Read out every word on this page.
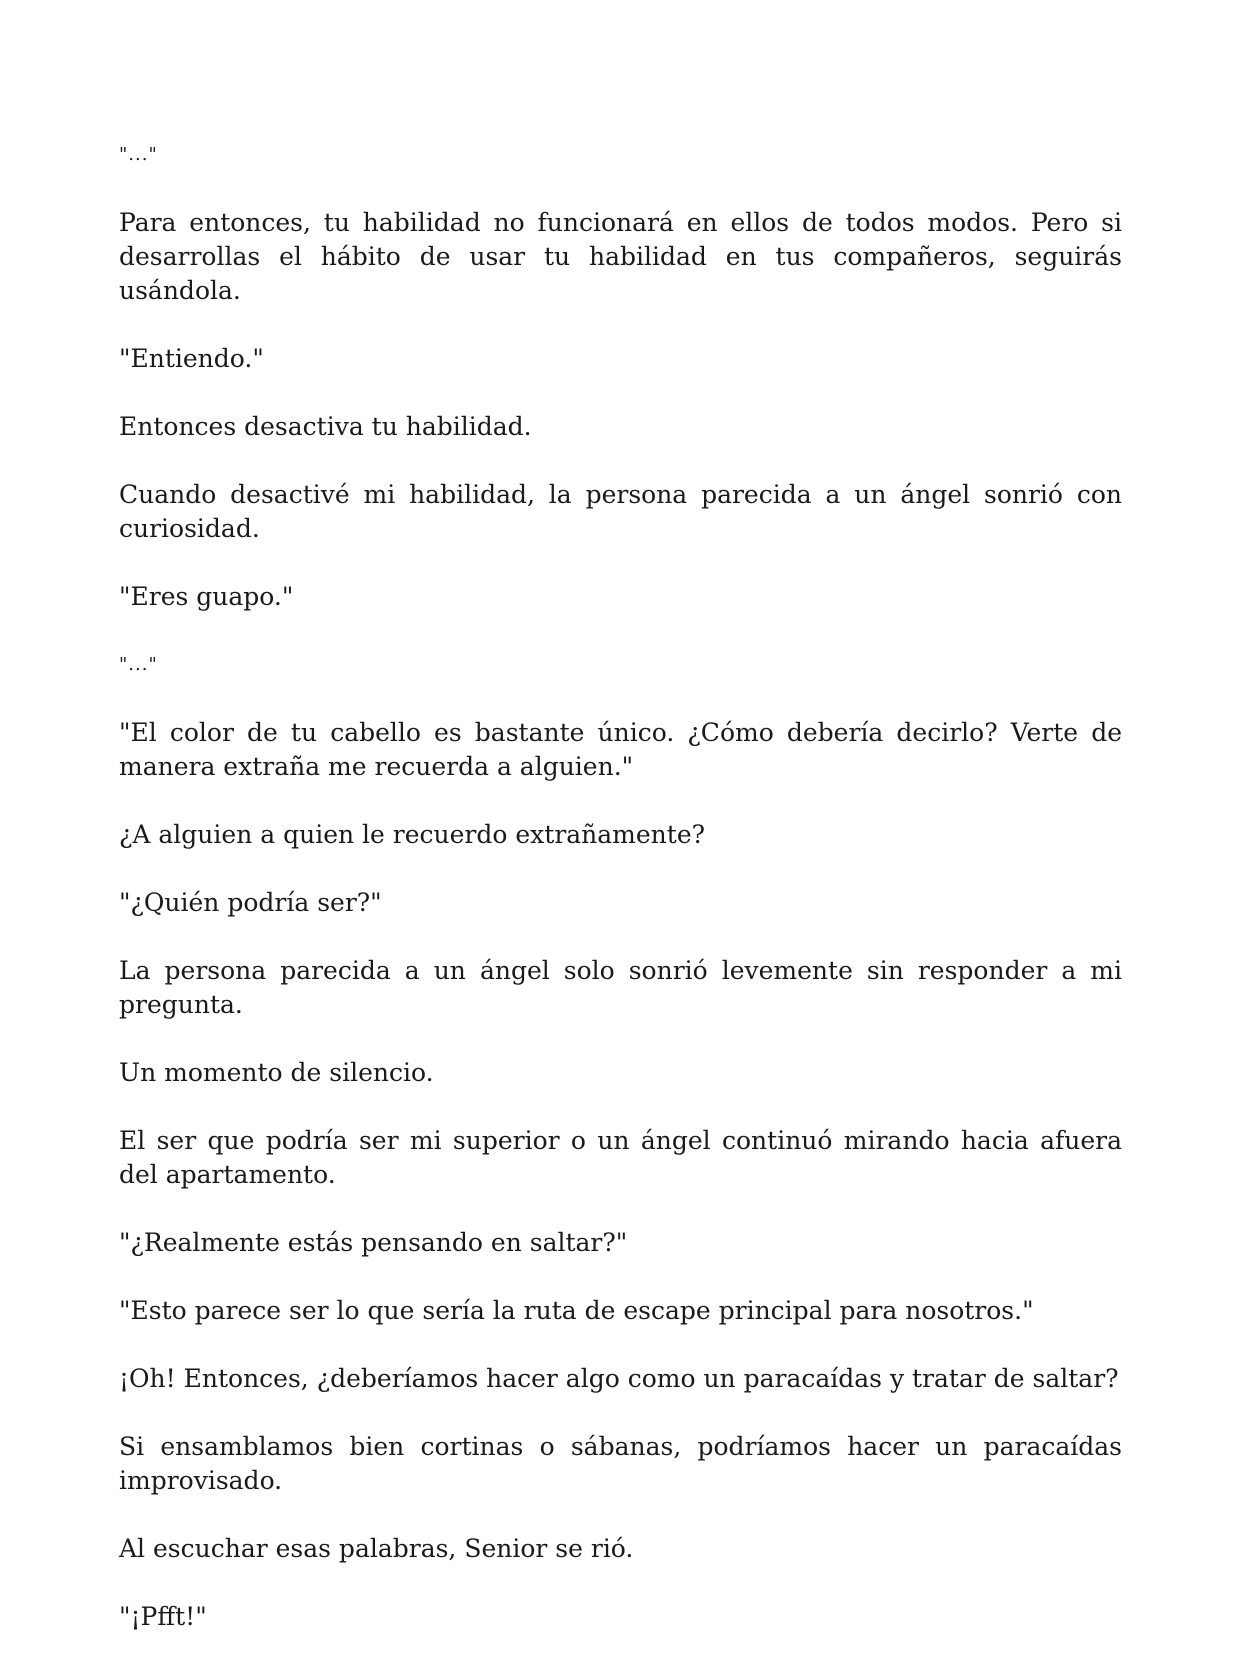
"..."

Para entonces, tu habilidad no funcionará en ellos de todos modos. Pero si desarrollas el hábito de usar tu habilidad en tus compañeros, seguirás usándola.

"Entiendo."

Entonces desactiva tu habilidad.

Cuando desactivé mi habilidad, la persona parecida a un ángel sonrió con curiosidad.

"Eres guapo."

"..."

"El color de tu cabello es bastante único. ¿Cómo debería decirlo? Verte de manera extraña me recuerda a alguien."

¿A alguien a quien le recuerdo extrañamente?

"¿Quién podría ser?"

La persona parecida a un ángel solo sonrió levemente sin responder a mi pregunta.

Un momento de silencio.

El ser que podría ser mi superior o un ángel continuó mirando hacia afuera del apartamento.

"¿Realmente estás pensando en saltar?"

"Esto parece ser lo que sería la ruta de escape principal para nosotros."

¡Oh! Entonces, ¿deberíamos hacer algo como un paracaídas y tratar de saltar?

Si ensamblamos bien cortinas o sábanas, podríamos hacer un paracaídas improvisado.

Al escuchar esas palabras, Senior se rió.

"¡Pfft!"
